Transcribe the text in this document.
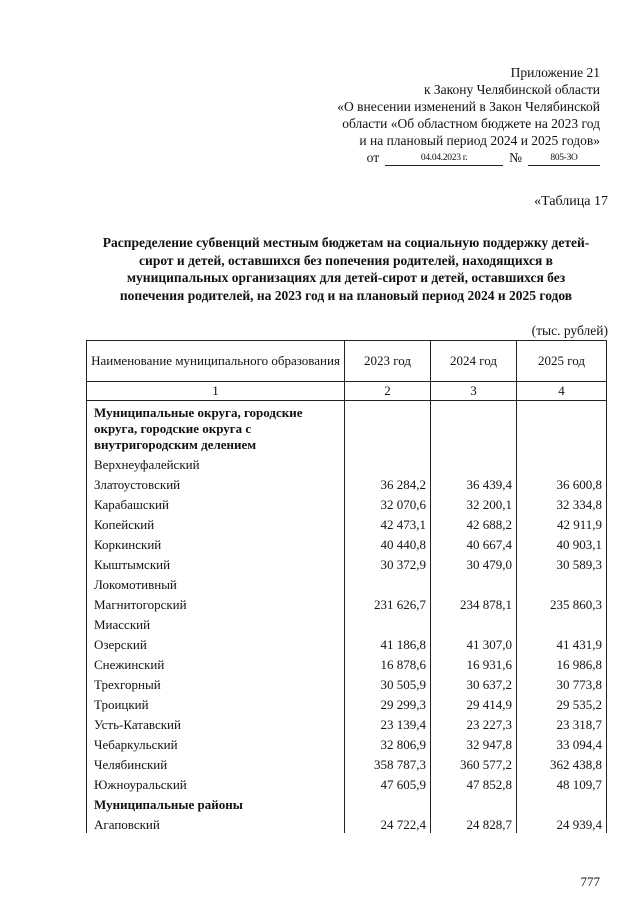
Приложение 21
к Закону Челябинской области
«О внесении изменений в Закон Челябинской
области «Об областном бюджете на 2023 год
и на плановый период 2024 и 2025 годов»
от	04.04.2023 г.	№	805-ЗО
«Таблица 17
Распределение субвенций местным бюджетам на социальную поддержку детей-
сирот и детей, оставшихся без попечения родителей, находящихся в
муниципальных организациях для детей-сирот и детей, оставшихся без
попечения родителей, на 2023 год и на плановый период 2024 и 2025 годов
(тыс. рублей)
Наименование муниципального образования	2023 год	2024 год	2025 год
1	2	3	4
Муниципальные округа, городские округа, городские округа с внутригородским делением			
Верхнеуфалейский			
Златоустовский	36 284,2	36 439,4	36 600,8
Карабашский	32 070,6	32 200,1	32 334,8
Копейский	42 473,1	42 688,2	42 911,9
Коркинский	40 440,8	40 667,4	40 903,1
Кыштымский	30 372,9	30 479,0	30 589,3
Локомотивный			
Магнитогорский	231 626,7	234 878,1	235 860,3
Миасский			
Озерский	41 186,8	41 307,0	41 431,9
Снежинский	16 878,6	16 931,6	16 986,8
Трехгорный	30 505,9	30 637,2	30 773,8
Троицкий	29 299,3	29 414,9	29 535,2
Усть-Катавский	23 139,4	23 227,3	23 318,7
Чебаркульский	32 806,9	32 947,8	33 094,4
Челябинский	358 787,3	360 577,2	362 438,8
Южноуральский	47 605,9	47 852,8	48 109,7
Муниципальные районы			
Агаповский	24 722,4	24 828,7	24 939,4
777
